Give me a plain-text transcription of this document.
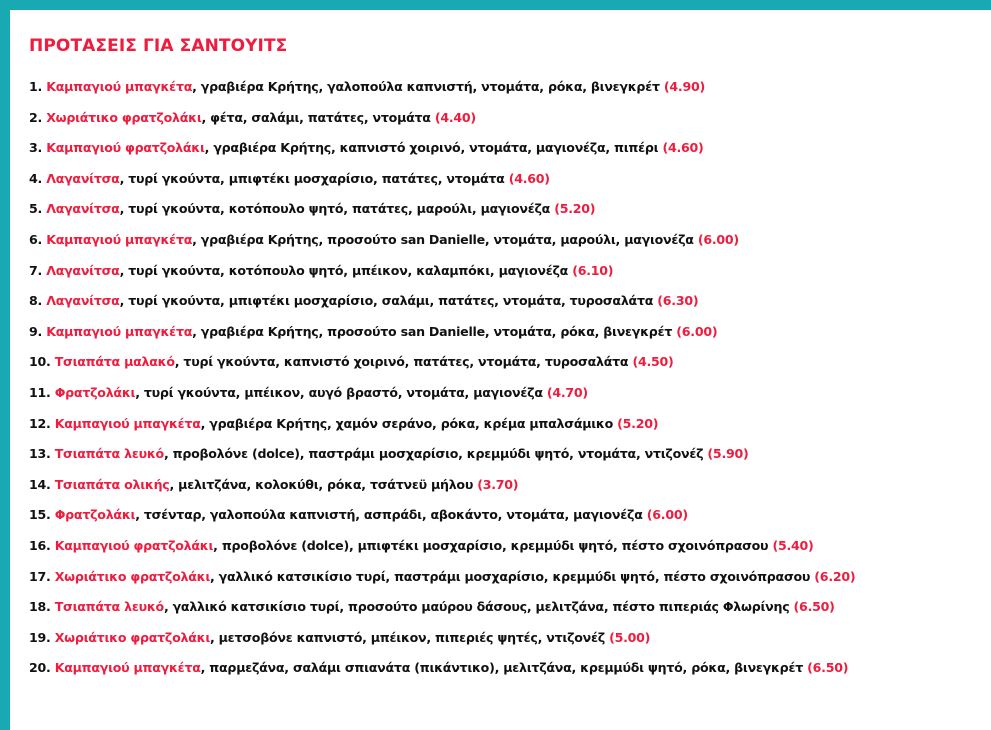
ΠΡΟΤΑΣΕΙΣ ΓΙΑ ΣΑΝΤΟΥΙΤΣ
1. Καμπαγιού μπαγκέτα, γραβιέρα Κρήτης, γαλοπούλα καπνιστή, ντομάτα, ρόκα, βινεγκρέτ (4.90)
2. Χωριάτικο φρατζολάκι, φέτα, σαλάμι, πατάτες, ντομάτα (4.40)
3. Καμπαγιού φρατζολάκι, γραβιέρα Κρήτης, καπνιστό χοιρινό, ντομάτα, μαγιονέζα, πιπέρι (4.60)
4. Λαγανίτσα, τυρί γκούντα, μπιφτέκι μοσχαρίσιο, πατάτες, ντομάτα (4.60)
5. Λαγανίτσα, τυρί γκούντα, κοτόπουλο ψητό, πατάτες, μαρούλι, μαγιονέζα (5.20)
6. Καμπαγιού μπαγκέτα, γραβιέρα Κρήτης, προσούτο san Danielle, ντομάτα, μαρούλι, μαγιονέζα (6.00)
7. Λαγανίτσα, τυρί γκούντα, κοτόπουλο ψητό, μπέικον, καλαμπόκι, μαγιονέζα (6.10)
8. Λαγανίτσα, τυρί γκούντα, μπιφτέκι μοσχαρίσιο, σαλάμι, πατάτες, ντομάτα, τυροσαλάτα (6.30)
9. Καμπαγιού μπαγκέτα, γραβιέρα Κρήτης, προσούτο san Danielle, ντομάτα, ρόκα, βινεγκρέτ (6.00)
10. Τσιαπάτα μαλακό, τυρί γκούντα, καπνιστό χοιρινό, πατάτες, ντομάτα, τυροσαλάτα (4.50)
11. Φρατζολάκι, τυρί γκούντα, μπέικον, αυγό βραστό, ντομάτα, μαγιονέζα (4.70)
12. Καμπαγιού μπαγκέτα, γραβιέρα Κρήτης, χαμόν σεράνο, ρόκα, κρέμα μπαλσάμικο (5.20)
13. Τσιαπάτα λευκό, προβολόνε (dolce), παστράμι μοσχαρίσιο, κρεμμύδι ψητό, ντομάτα, ντιζονέζ (5.90)
14. Τσιαπάτα ολικής, μελιτζάνα, κολοκύθι, ρόκα, τσάτνεϋ μήλου (3.70)
15. Φρατζολάκι, τσένταρ, γαλοπούλα καπνιστή, ασπράδι, αβοκάντο, ντομάτα, μαγιονέζα (6.00)
16. Καμπαγιού φρατζολάκι, προβολόνε (dolce), μπιφτέκι μοσχαρίσιο, κρεμμύδι ψητό, πέστο σχοινόπρασου (5.40)
17. Χωριάτικο φρατζολάκι, γαλλικό κατσικίσιο τυρί, παστράμι μοσχαρίσιο, κρεμμύδι ψητό, πέστο σχοινόπρασου (6.20)
18. Τσιαπάτα λευκό, γαλλικό κατσικίσιο τυρί, προσούτο μαύρου δάσους, μελιτζάνα, πέστο πιπεριάς Φλωρίνης (6.50)
19. Χωριάτικο φρατζολάκι, μετσοβόνε καπνιστό, μπέικον, πιπεριές ψητές, ντιζονέζ (5.00)
20. Καμπαγιού μπαγκέτα, παρμεζάνα, σαλάμι σπιανάτα (πικάντικο), μελιτζάνα, κρεμμύδι ψητό, ρόκα, βινεγκρέτ (6.50)
